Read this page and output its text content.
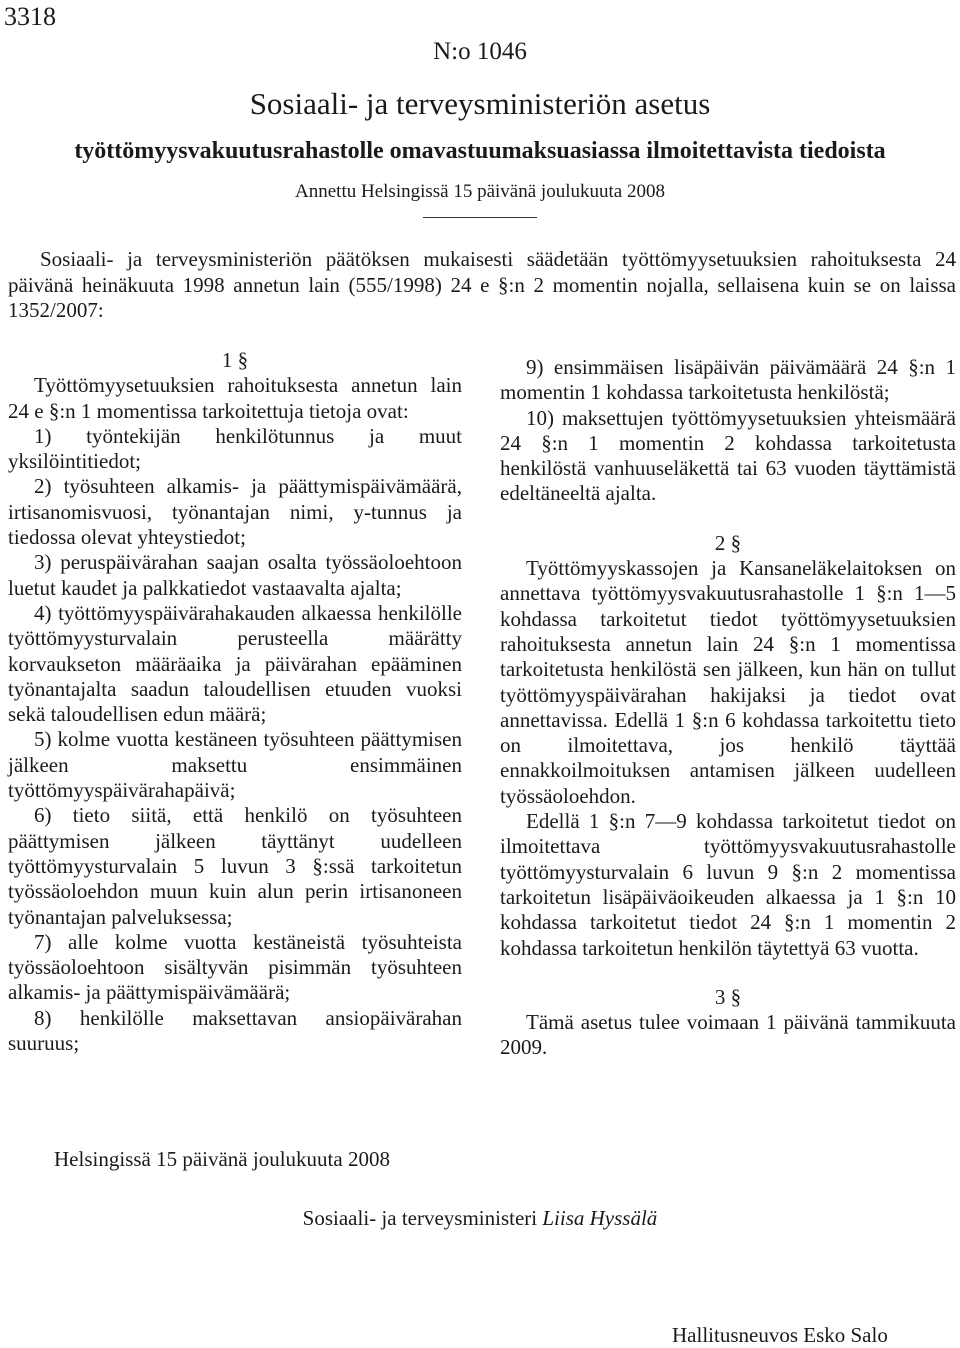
3318
N:o 1046
Sosiaali- ja terveysministeriön asetus
työttömyysvakuutusrahastolle omavastuumaksuasiassa ilmoitettavista tiedoista
Annettu Helsingissä 15 päivänä joulukuuta 2008

Sosiaali- ja terveysministeriön päätöksen mukaisesti säädetään työttömyysetuuksien rahoituksesta 24 päivänä heinäkuuta 1998 annetun lain (555/1998) 24 e §:n 2 momentin nojalla, sellaisena kuin se on laissa 1352/2007:

1 §

Työttömyysetuuksien rahoituksesta annetun lain 24 e §:n 1 momentissa tarkoitettuja tietoja ovat:

1) työntekijän henkilötunnus ja muut yksilöintitiedot;

2) työsuhteen alkamis- ja päättymispäivämäärä, irtisanomisvuosi, työnantajan nimi, y-tunnus ja tiedossa olevat yhteystiedot;

3) peruspäivärahan saajan osalta työssäoloehtoon luetut kaudet ja palkkatiedot vastaavalta ajalta;

4) työttömyyspäivärahakauden alkaessa henkilölle työttömyysturvalain perusteella määrätty korvaukseton määräaika ja päivärahan epääminen työnantajalta saadun taloudellisen etuuden vuoksi sekä taloudellisen edun määrä;

5) kolme vuotta kestäneen työsuhteen päättymisen jälkeen maksettu ensimmäinen työttömyyspäivärahapäivä;

6) tieto siitä, että henkilö on työsuhteen päättymisen jälkeen täyttänyt uudelleen työttömyysturvalain 5 luvun 3 §:ssä tarkoitetun työssäoloehdon muun kuin alun perin irtisanoneen työnantajan palveluksessa;

7) alle kolme vuotta kestäneistä työsuhteista työssäoloehtoon sisältyvän pisimmän työsuhteen alkamis- ja päättymispäivämäärä;

8) henkilölle maksettavan ansiopäivärahan suuruus;

9) ensimmäisen lisäpäivän päivämäärä 24 §:n 1 momentin 1 kohdassa tarkoitetusta henkilöstä;

10) maksettujen työttömyysetuuksien yhteismäärä 24 §:n 1 momentin 2 kohdassa tarkoitetusta henkilöstä vanhuuseläkettä tai 63 vuoden täyttämistä edeltäneeltä ajalta.

2 §

Työttömyyskassojen ja Kansaneläkelaitoksen on annettava työttömyysvakuutusrahastolle 1 §:n 1—5 kohdassa tarkoitetut tiedot työttömyysetuuksien rahoituksesta annetun lain 24 §:n 1 momentissa tarkoitetusta henkilöstä sen jälkeen, kun hän on tullut työttömyyspäivärahan hakijaksi ja tiedot ovat annettavissa. Edellä 1 §:n 6 kohdassa tarkoitettu tieto on ilmoitettava, jos henkilö täyttää ennakkoilmoituksen antamisen jälkeen uudelleen työssäoloehdon.

Edellä 1 §:n 7—9 kohdassa tarkoitetut tiedot on ilmoitettava työttömyysvakuutusrahastolle työttömyysturvalain 6 luvun 9 §:n 2 momentissa tarkoitetun lisäpäiväoikeuden alkaessa ja 1 §:n 10 kohdassa tarkoitetut tiedot 24 §:n 1 momentin 2 kohdassa tarkoitetun henkilön täytettyä 63 vuotta.

3 §

Tämä asetus tulee voimaan 1 päivänä tammikuuta 2009.

Helsingissä 15 päivänä joulukuuta 2008
Sosiaali- ja terveysministeri Liisa Hyssälä
Hallitusneuvos Esko Salo
